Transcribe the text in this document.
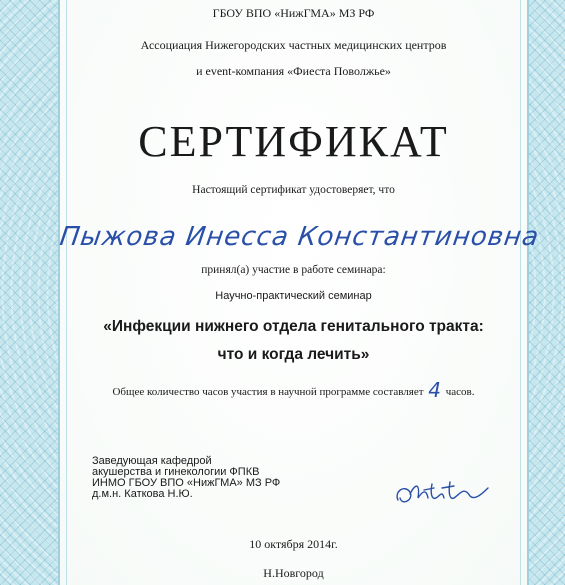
ГБОУ ВПО «НижГМА» МЗ РФ
Ассоциация Нижегородских частных медицинских центров
и event-компания «Фиеста Поволжье»
СЕРТИФИКАТ
Настоящий сертификат удостоверяет, что
Пыжова Инесса Константиновна
принял(а) участие в работе семинара:
Научно-практический семинар
«Инфекции нижнего отдела генитального тракта:
что и когда лечить»
Общее количество часов участия в научной программе составляет 4 часов.
Заведующая кафедрой
акушерства и гинекологии ФПКВ
ИНМО ГБОУ ВПО «НижГМА» МЗ РФ
д.м.н. Каткова Н.Ю.
10 октября 2014г.
Н.Новгород
